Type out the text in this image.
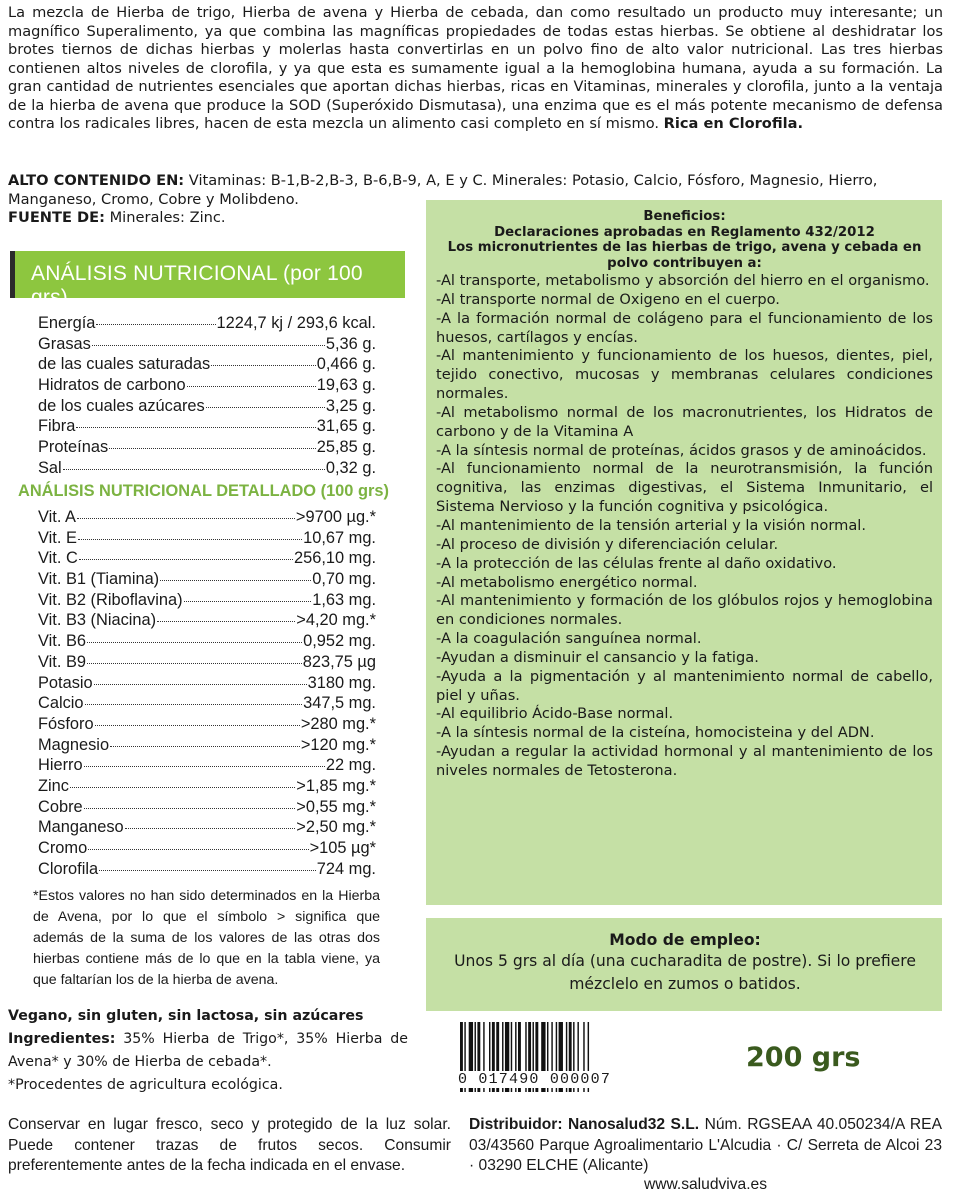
La mezcla de Hierba de trigo, Hierba de avena y Hierba de cebada, dan como resultado un producto muy interesante; un magnífico Superalimento, ya que combina las magníficas propiedades de todas estas hierbas. Se obtiene al deshidratar los brotes tiernos de dichas hierbas y molerlas hasta convertirlas en un polvo fino de alto valor nutricional. Las tres hierbas contienen altos niveles de clorofila, y ya que esta es sumamente igual a la hemoglobina humana, ayuda a su formación. La gran cantidad de nutrientes esenciales que aportan dichas hierbas, ricas en Vitaminas, minerales y clorofila, junto a la ventaja de la hierba de avena que produce la SOD (Superóxido Dismutasa), una enzima que es el más potente mecanismo de defensa contra los radicales libres, hacen de esta mezcla un alimento casi completo en sí mismo. Rica en Clorofila.
ALTO CONTENIDO EN: Vitaminas: B-1,B-2,B-3, B-6,B-9, A, E y C. Minerales: Potasio, Calcio, Fósforo, Magnesio, Hierro, Manganeso, Cromo, Cobre y Molibdeno.
FUENTE DE: Minerales: Zinc.
ANÁLISIS NUTRICIONAL (por 100 grs)
Energía	1224,7 kj / 293,6 kcal.
Grasas	5,36 g.
de las cuales saturadas	0,466 g.
Hidratos de carbono	19,63 g.
de los cuales azúcares	3,25 g.
Fibra	31,65 g.
Proteínas	25,85 g.
Sal	0,32 g.
ANÁLISIS NUTRICIONAL DETALLADO (100 grs)
Vit. A	>9700 µg.*
Vit. E	10,67 mg.
Vit. C	256,10 mg.
Vit. B1 (Tiamina)	0,70 mg.
Vit. B2 (Riboflavina)	1,63 mg.
Vit. B3 (Niacina)	>4,20 mg.*
Vit. B6	0,952 mg.
Vit. B9	823,75 µg
Potasio	3180 mg.
Calcio	347,5 mg.
Fósforo	>280 mg.*
Magnesio	>120 mg.*
Hierro	22 mg.
Zinc	>1,85 mg.*
Cobre	>0,55 mg.*
Manganeso	>2,50 mg.*
Cromo	>105 µg*
Clorofila	724 mg.
*Estos valores no han sido determinados en la Hierba de Avena, por lo que el símbolo > significa que además de la suma de los valores de las otras dos hierbas contiene más de lo que en la tabla viene, ya que faltarían los de la hierba de avena.
Vegano, sin gluten, sin lactosa, sin azúcares
Ingredientes: 35% Hierba de Trigo*, 35% Hierba de Avena* y 30% de Hierba de cebada*.
*Procedentes de agricultura ecológica.
Conservar en lugar fresco, seco y protegido de la luz solar. Puede contener trazas de frutos secos. Consumir preferentemente antes de la fecha indicada en el envase.
Beneficios:
Declaraciones aprobadas en Reglamento 432/2012
Los micronutrientes de las hierbas de trigo, avena y cebada en polvo contribuyen a:
-Al transporte, metabolismo y absorción del hierro en el organismo.
-Al transporte normal de Oxigeno en el cuerpo.
-A la formación normal de colágeno para el funcionamiento de los huesos, cartílagos y encías.
-Al mantenimiento y funcionamiento de los huesos, dientes, piel, tejido conectivo, mucosas y membranas celulares condiciones normales.
-Al metabolismo normal de los macronutrientes, los Hidratos de carbono y de la Vitamina A
-A la síntesis normal de proteínas, ácidos grasos y de aminoácidos.
-Al funcionamiento normal de la neurotransmisión, la función cognitiva, las enzimas digestivas, el Sistema Inmunitario, el Sistema Nervioso y la función cognitiva y psicológica.
-Al mantenimiento de la tensión arterial y la visión normal.
-Al proceso de división y diferenciación celular.
-A la protección de las células frente al daño oxidativo.
-Al metabolismo energético normal.
-Al mantenimiento y formación de los glóbulos rojos y hemoglobina en condiciones normales.
-A la coagulación sanguínea normal.
-Ayudan a disminuir el cansancio y la fatiga.
-Ayuda a la pigmentación y al mantenimiento normal de cabello, piel y uñas.
-Al equilibrio Ácido-Base normal.
-A la síntesis normal de la cisteína, homocisteina y del ADN.
-Ayudan a regular la actividad hormonal y al mantenimiento de los niveles normales de Tetosterona.
Modo de empleo:
Unos 5 grs al día (una cucharadita de postre). Si lo prefiere mézclelo en zumos o batidos.
0 017490 000007
200 grs
Distribuidor: Nanosalud32 S.L. Núm. RGSEAA 40.050234/A REA 03/43560 Parque Agroalimentario L'Alcudia · C/ Serreta de Alcoi 23 · 03290 ELCHE (Alicante)
www.saludviva.es
